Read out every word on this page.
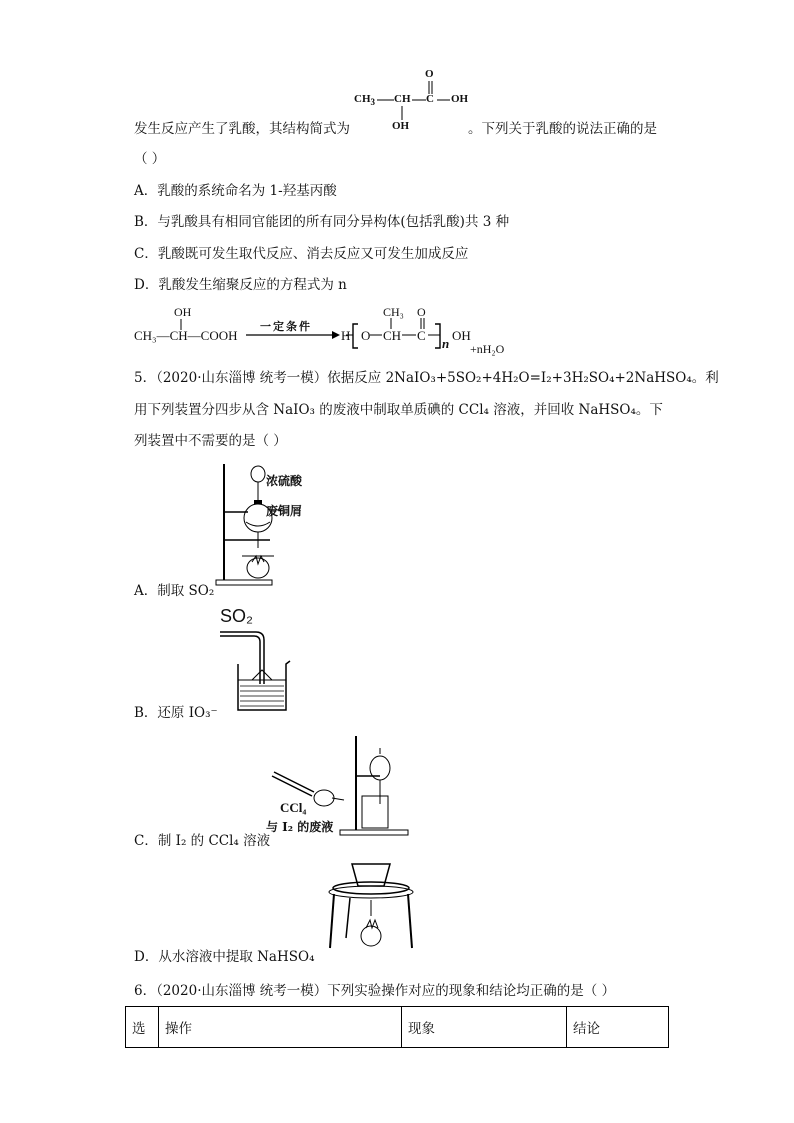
$CH_3$ CH C
O
OH
OH
发生反应产生了乳酸，其结构简式为	。下列关于乳酸的说法正确的是
（ ）
A．乳酸的系统命名为 1-羟基丙酸
B．与乳酸具有相同官能团的所有同分异构体(包括乳酸)共 3 种
C．乳酸既可发生取代反应、消去反应又可发生加成反应
D．乳酸发生缩聚反应的方程式为 n
OH
CH₃—CH—COOH
一定条件
H O
CH₃
CH
O
C
n
OH
+nH₂O
5．（2020·山东淄博 统考一模）依据反应 2NaIO₃+5SO₂+4H₂O=I₂+3H₂SO₄+2NaHSO₄。利
用下列装置分四步从含 NaIO₃ 的废液中制取单质碘的 CCl₄ 溶液，并回收 NaHSO₄。下
列装置中不需要的是（ ）
浓硫酸
废铜屑
A．制取 SO₂
SO₂
B．还原 IO₃⁻
CCl₄
与 I₂ 的废液
C．制 I₂ 的 CCl₄ 溶液
D．从水溶液中提取 NaHSO₄
6．（2020·山东淄博 统考一模）下列实验操作对应的现象和结论均正确的是（ ）
选	操作	现象	结论
